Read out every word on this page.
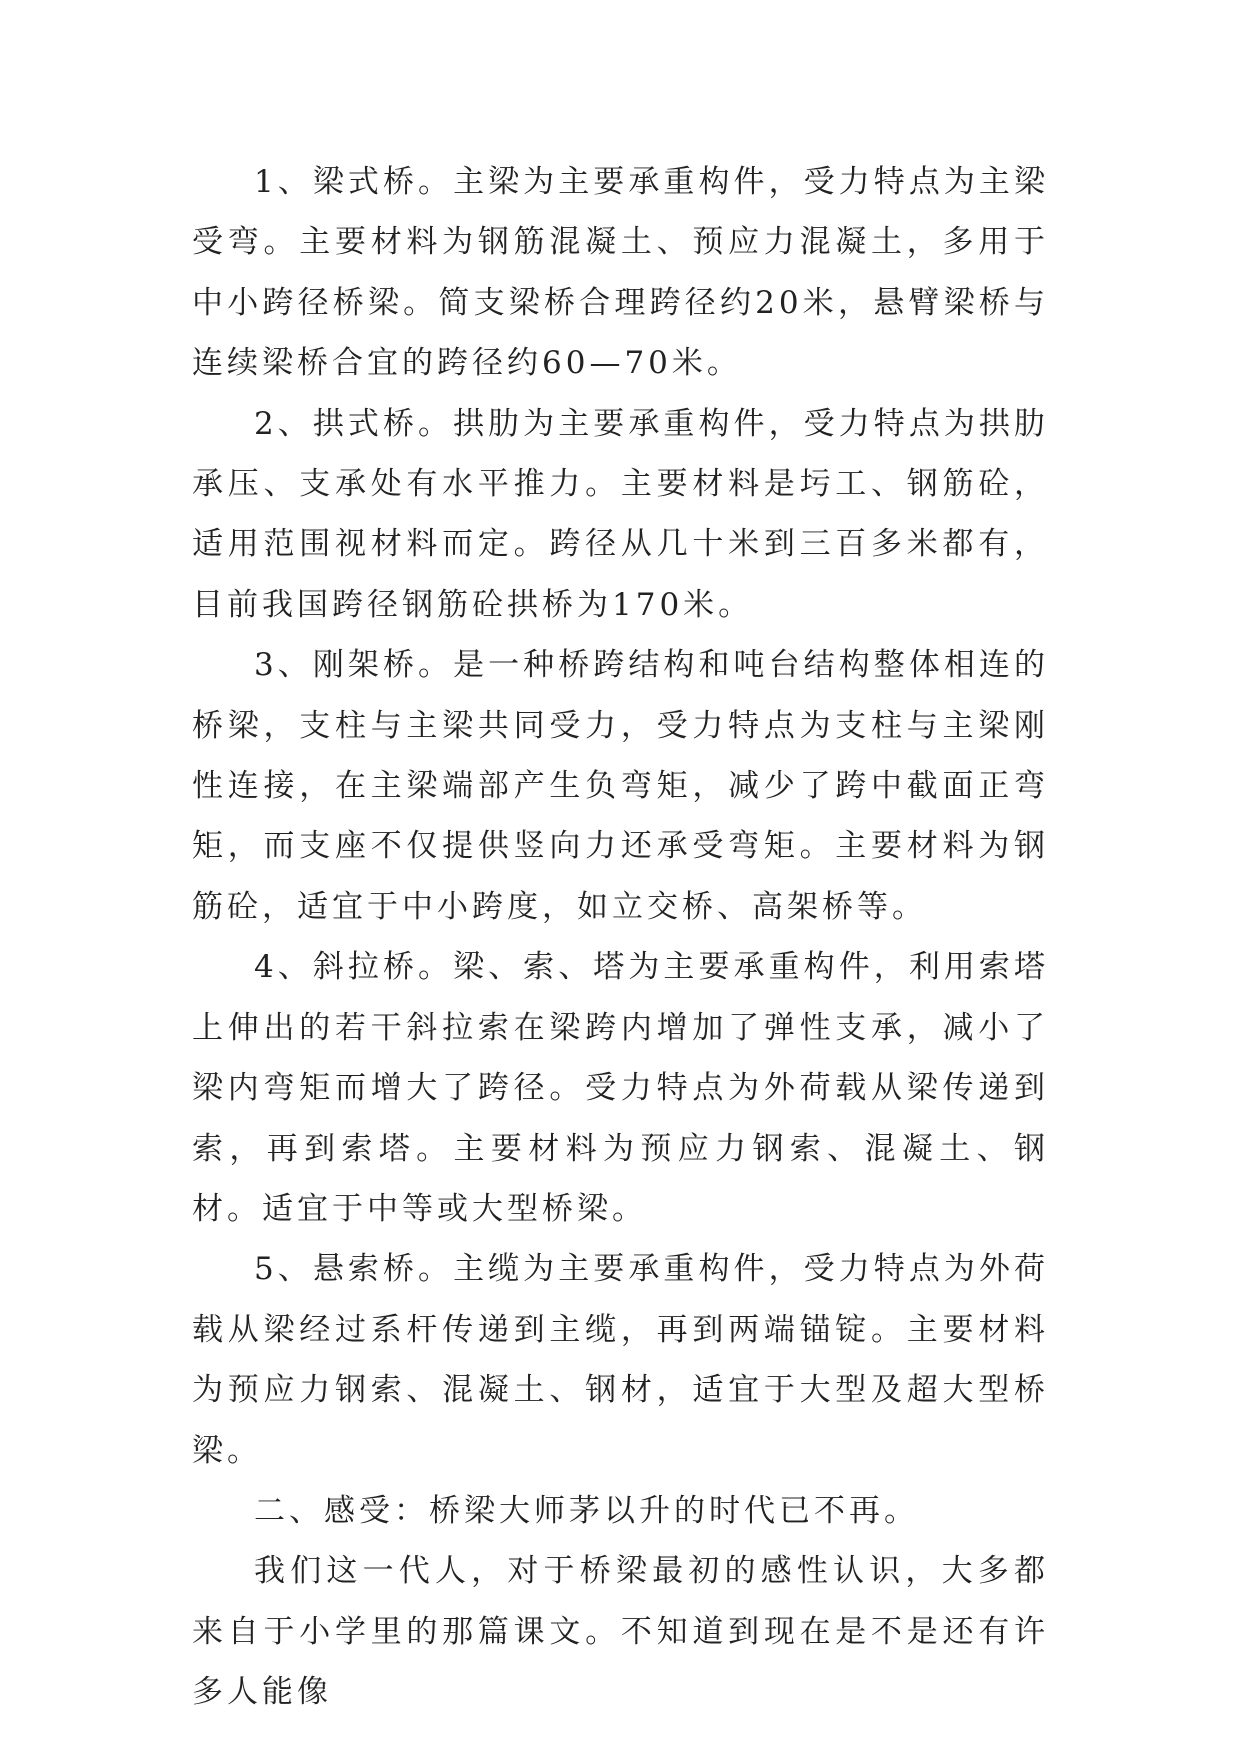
1、梁式桥。主梁为主要承重构件，受力特点为主梁受弯。主要材料为钢筋混凝土、预应力混凝土，多用于中小跨径桥梁。简支梁桥合理跨径约20米，悬臂梁桥与连续梁桥合宜的跨径约60—70米。

2、拱式桥。拱肋为主要承重构件，受力特点为拱肋承压、支承处有水平推力。主要材料是圬工、钢筋砼，适用范围视材料而定。跨径从几十米到三百多米都有，目前我国跨径钢筋砼拱桥为170米。

3、刚架桥。是一种桥跨结构和吨台结构整体相连的桥梁，支柱与主梁共同受力，受力特点为支柱与主梁刚性连接，在主梁端部产生负弯矩，减少了跨中截面正弯矩，而支座不仅提供竖向力还承受弯矩。主要材料为钢筋砼，适宜于中小跨度，如立交桥、高架桥等。

4、斜拉桥。梁、索、塔为主要承重构件，利用索塔上伸出的若干斜拉索在梁跨内增加了弹性支承，减小了梁内弯矩而增大了跨径。受力特点为外荷载从梁传递到索，再到索塔。主要材料为预应力钢索、混凝土、钢材。适宜于中等或大型桥梁。

5、悬索桥。主缆为主要承重构件，受力特点为外荷载从梁经过系杆传递到主缆，再到两端锚锭。主要材料为预应力钢索、混凝土、钢材，适宜于大型及超大型桥梁。

二、感受：桥梁大师茅以升的时代已不再。

我们这一代人，对于桥梁最初的感性认识，大多都来自于小学里的那篇课文。不知道到现在是不是还有许多人能像
